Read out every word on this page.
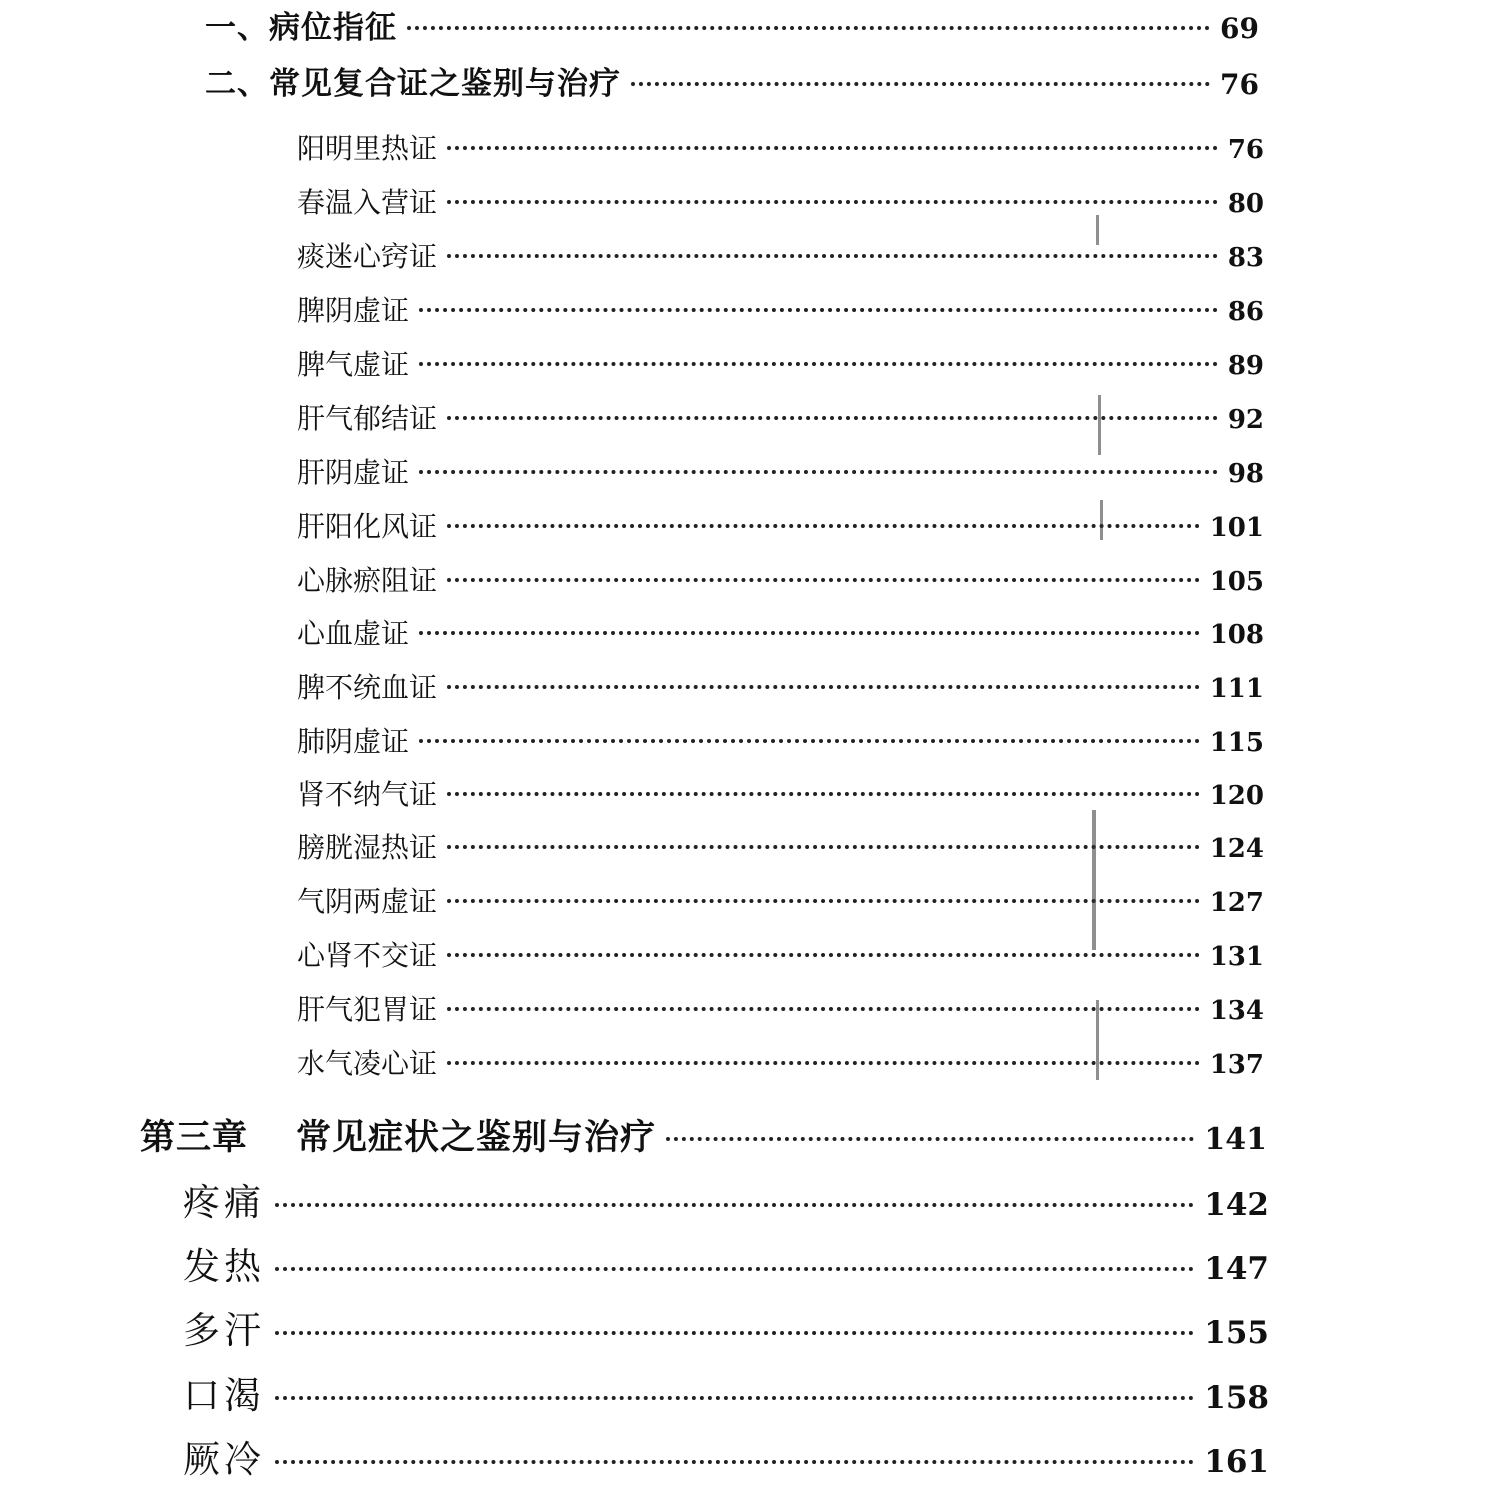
一、病位指征	69
二、常见复合证之鉴别与治疗	76
阳明里热证	76
春温入营证	80
痰迷心窍证	83
脾阴虚证	86
脾气虚证	89
肝气郁结证	92
肝阴虚证	98
肝阳化风证	101
心脉瘀阻证	105
心血虚证	108
脾不统血证	111
肺阴虚证	115
肾不纳气证	120
膀胱湿热证	124
气阴两虚证	127
心肾不交证	131
肝气犯胃证	134
水气凌心证	137
第三章 常见症状之鉴别与治疗	141
疼痛	142
发热	147
多汗	155
口渴	158
厥冷	161
